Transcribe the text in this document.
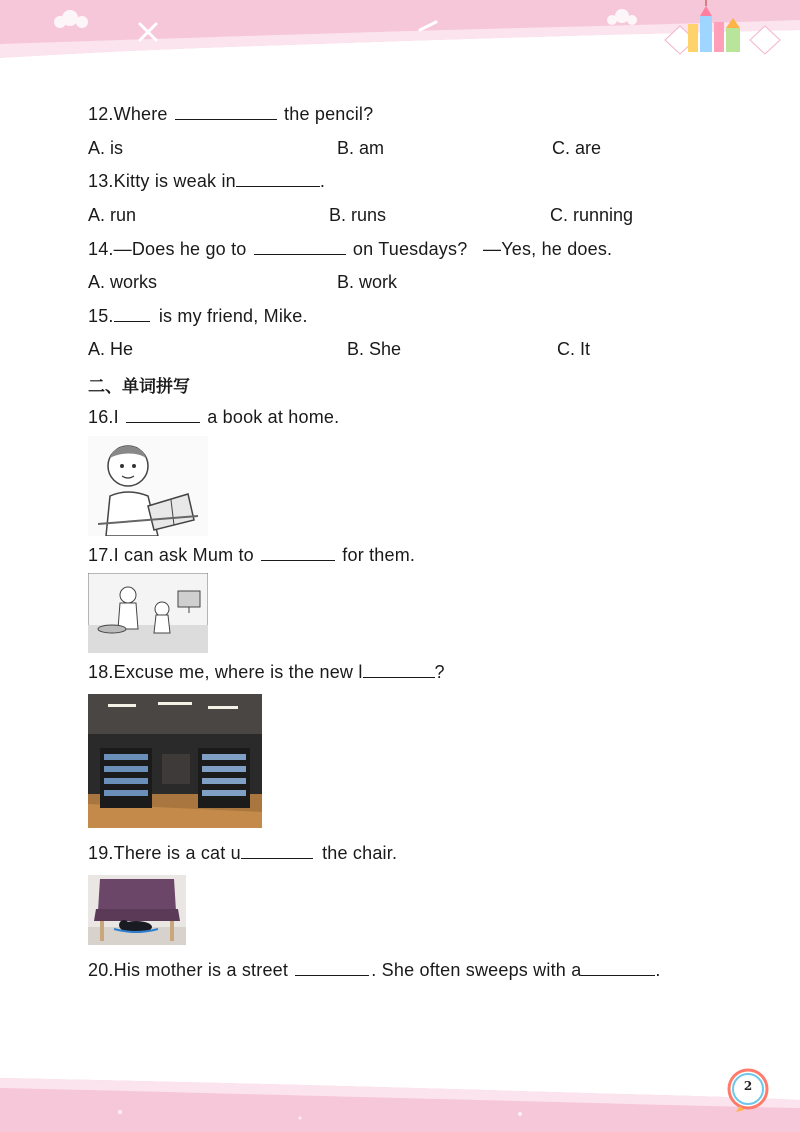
12.Where	the pencil?
A. is	B. am	C. are
13.Kitty is weak in	.
A. run	B. runs	C. running
14.—Does he go to	on Tuesdays? —Yes, he does.
A. works	B. work
15.	is my friend, Mike.
A. He	B. She	C. It
二、单词拼写
16.I	a book at home.
17.I can ask Mum to	for them.
18.Excuse me, where is the new l	?
19.There is a cat u	the chair.
20.His mother is a street	. She often sweeps with a	.
2
